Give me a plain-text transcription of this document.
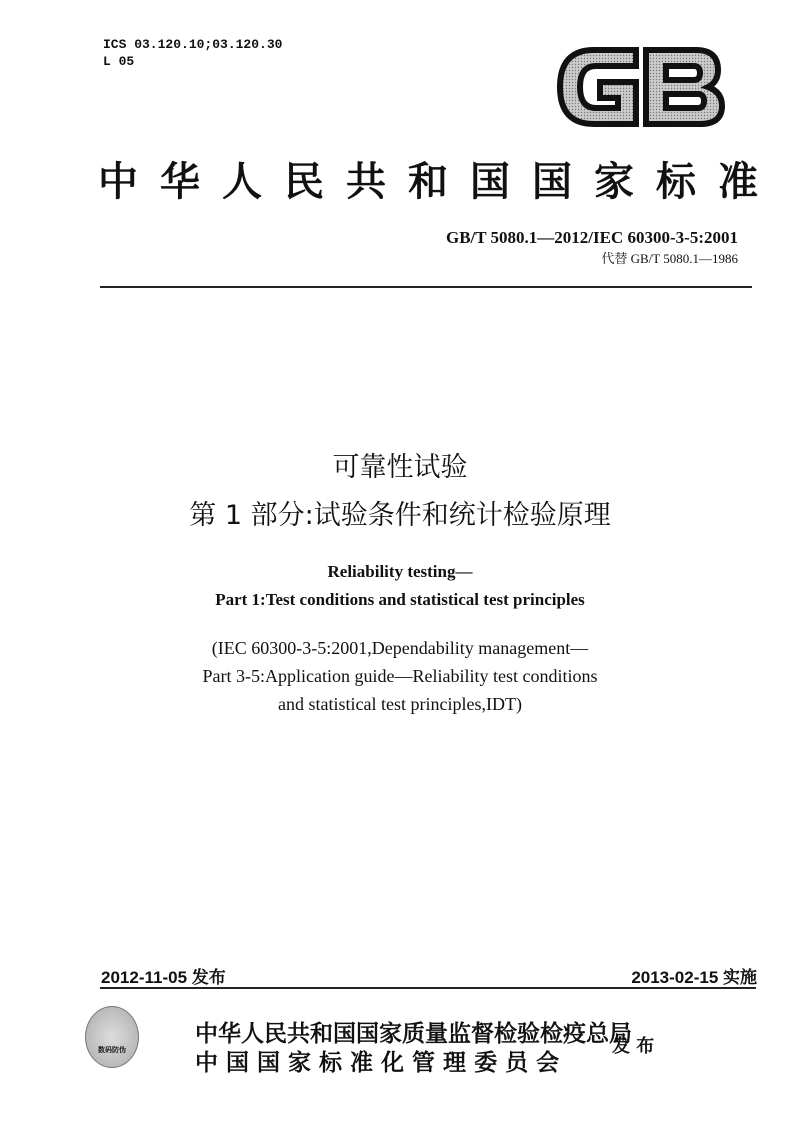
ICS 03.120.10;03.120.30
L 05
中 华 人 民 共 和 国 国 家 标 准
GB/T 5080.1—2012/IEC 60300-3-5:2001
代替 GB/T 5080.1—1986
可靠性试验
第 1 部分:试验条件和统计检验原理
Reliability testing—
Part 1:Test conditions and statistical test principles
(IEC 60300-3-5:2001,Dependability management—
Part 3-5:Application guide—Reliability test conditions
and statistical test principles,IDT)
2012-11-05 发布	2013-02-15 实施
数码防伪
中华人民共和国国家质量监督检验检疫总局
中 国 国 家 标 准 化 管 理 委 员 会
发 布
